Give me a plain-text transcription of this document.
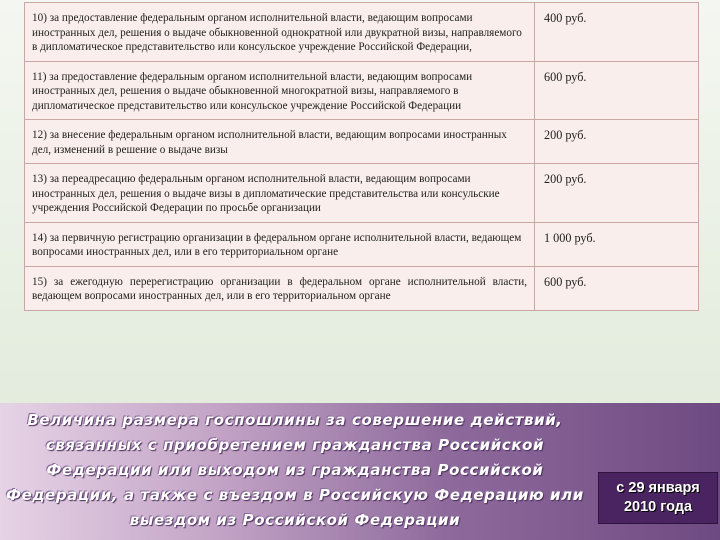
10) за предоставление федеральным органом исполнительной власти, ведающим вопросами иностранных дел, решения о выдаче обыкновенной однократной или двукратной визы, направляемого в дипломатическое представительство или консульское учреждение Российской Федерации,	400 руб.
11) за предоставление федеральным органом исполнительной власти, ведающим вопросами иностранных дел, решения о выдаче обыкновенной многократной визы, направляемого в дипломатическое представительство или консульское учреждение Российской Федерации	600 руб.
12) за внесение федеральным органом исполнительной власти, ведающим вопросами иностранных дел, изменений в решение о выдаче визы	200 руб.
13) за переадресацию федеральным органом исполнительной власти, ведающим вопросами иностранных дел, решения о выдаче визы в дипломатические представительства или консульские учреждения Российской Федерации по просьбе организации	200 руб.
14) за первичную регистрацию организации в федеральном органе исполнительной власти, ведающем вопросами иностранных дел, или в его территориальном органе	1 000 руб.
15) за ежегодную перерегистрацию организации в федеральном органе исполнительной власти, ведающем вопросами иностранных дел, или в его территориальном органе	600 руб.
Величина размера госпошлины за совершение действий,
связанных с приобретением гражданства Российской
Федерации или выходом из гражданства Российской
Федерации, а также с въездом в Российскую Федерацию или
выездом из Российской Федерации
с 29 января
2010 года
